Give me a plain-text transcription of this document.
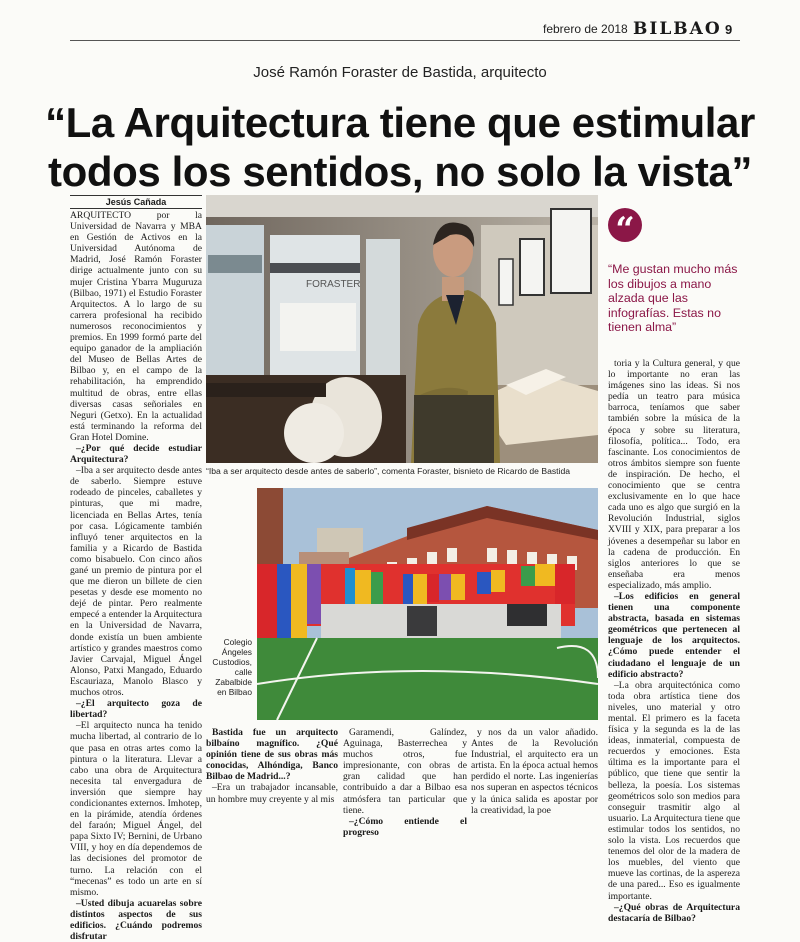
febrero de 2018 BILBAO 9
José Ramón Foraster de Bastida, arquitecto
“La Arquitectura tiene que estimular
todos los sentidos, no solo la vista”
Jesús Cañada

ARQUITECTO por la Universidad de Navarra y MBA en Gestión de Activos en la Universidad Autónoma de Madrid, José Ramón Foraster dirige actualmente junto con su mujer Cristina Ybarra Muguruza (Bilbao, 1971) el Estudio Foraster Arquitectos. A lo largo de su carrera profesional ha recibido numerosos reconocimientos y premios. En 1999 formó parte del equipo ganador de la ampliación del Museo de Bellas Artes de Bilbao y, en el campo de la rehabilitación, ha emprendido multitud de obras, entre ellas diversas casas señoriales en Neguri (Getxo). En la actualidad está terminando la reforma del Gran Hotel Domine.

–¿Por qué decide estudiar Arquitectura?

–Iba a ser arquitecto desde antes de saberlo. Siempre estuve rodeado de pinceles, caballetes y pinturas, que mi madre, licenciada en Bellas Artes, tenía por casa. Lógicamente también influyó tener arquitectos en la familia y a Ricardo de Bastida como bisabuelo. Con cinco años gané un premio de pintura por el que me dieron un billete de cien pesetas y desde ese momento no dejé de pintar. Pero realmente empecé a entender la Arquitectura en la Universidad de Navarra, donde existía un buen ambiente artístico y grandes maestros como Javier Carvajal, Miguel Ángel Alonso, Patxi Mangado, Eduardo Escauriaza, Manolo Blasco y muchos otros.

–¿El arquitecto goza de libertad?

–El arquitecto nunca ha tenido mucha libertad, al contrario de lo que pasa en otras artes como la pintura o la literatura. Llevar a cabo una obra de Arquitectura necesita tal envergadura de inversión que siempre hay condicionantes externos. Imhotep, en la pirámide, atendía órdenes del faraón; Miguel Ángel, del papa Sixto IV; Bernini, de Urbano VIII, y hoy en día dependemos de las decisiones del promotor de turno. La relación con el “mecenas” es todo un arte en sí mismo.

–Usted dibuja acuarelas sobre distintos aspectos de sus edificios. ¿Cuándo podremos disfrutar

Bastida fue un arquitecto bilbaíno magnífico. ¿Qué opinión tiene de sus obras más conocidas, Alhóndiga, Banco Bilbao de Madrid...?

–Era un trabajador incansable, un hombre muy creyente y al mis

Garamendi, Galíndez, Aguinaga, Basterrechea y muchos otros, fue impresionante, con obras de gran calidad que han contribuido a dar a Bilbao esa atmósfera tan particular que tiene.

–¿Cómo entiende el progreso

y nos da un valor añadido. Antes de la Revolución Industrial, el arquitecto era un artista. En la época actual hemos perdido el norte. Las ingenierías nos superan en aspectos técnicos y la única salida es apostar por la creatividad, la poe

toria y la Cultura general, y que lo importante no eran las imágenes sino las ideas. Si nos pedía un teatro para música barroca, teníamos que saber también sobre la música de la época y sobre su literatura, filosofía, política... Todo, era fascinante. Los conocimientos de otros ámbitos siempre son fuente de inspiración. De hecho, el conocimiento que se centra exclusivamente en lo que hace cada uno es algo que surgió en la Revolución Industrial, siglos XVIII y XIX, para preparar a los jóvenes a desempeñar su labor en la cadena de producción. En siglos anteriores lo que se enseñaba era menos especializado, más amplio.

–Los edificios en general tienen una componente abstracta, basada en sistemas geométricos que pertenecen al lenguaje de los arquitectos. ¿Cómo puede entender el ciudadano el lenguaje de un edificio abstracto?

–La obra arquitectónica como toda obra artística tiene dos niveles, uno material y otro mental. El primero es la faceta física y la segunda es la de las ideas, inmaterial, compuesta de recuerdos y emociones. Esta última es la importante para el público, que tiene que sentir la belleza, la poesía. Los sistemas geométricos solo son medios para conseguir trasmitir algo al usuario. La Arquitectura tiene que estimular todos los sentidos, no solo la vista. Los recuerdos que tenemos del olor de la madera de los muebles, del viento que mueve las cortinas, de la aspereza de una pared... Eso es igualmente importante.

–¿Qué obras de Arquitectura destacaría de Bilbao?

FORASTER
“Iba a ser arquitecto desde antes de saberlo”, comenta Foraster, bisnieto de Ricardo de Bastida
Colegio Ángeles Custodios, calle Zabalbide en Bilbao
“
“Me gustan mucho más los dibujos a mano alzada que las infografías. Estas no tienen alma”
